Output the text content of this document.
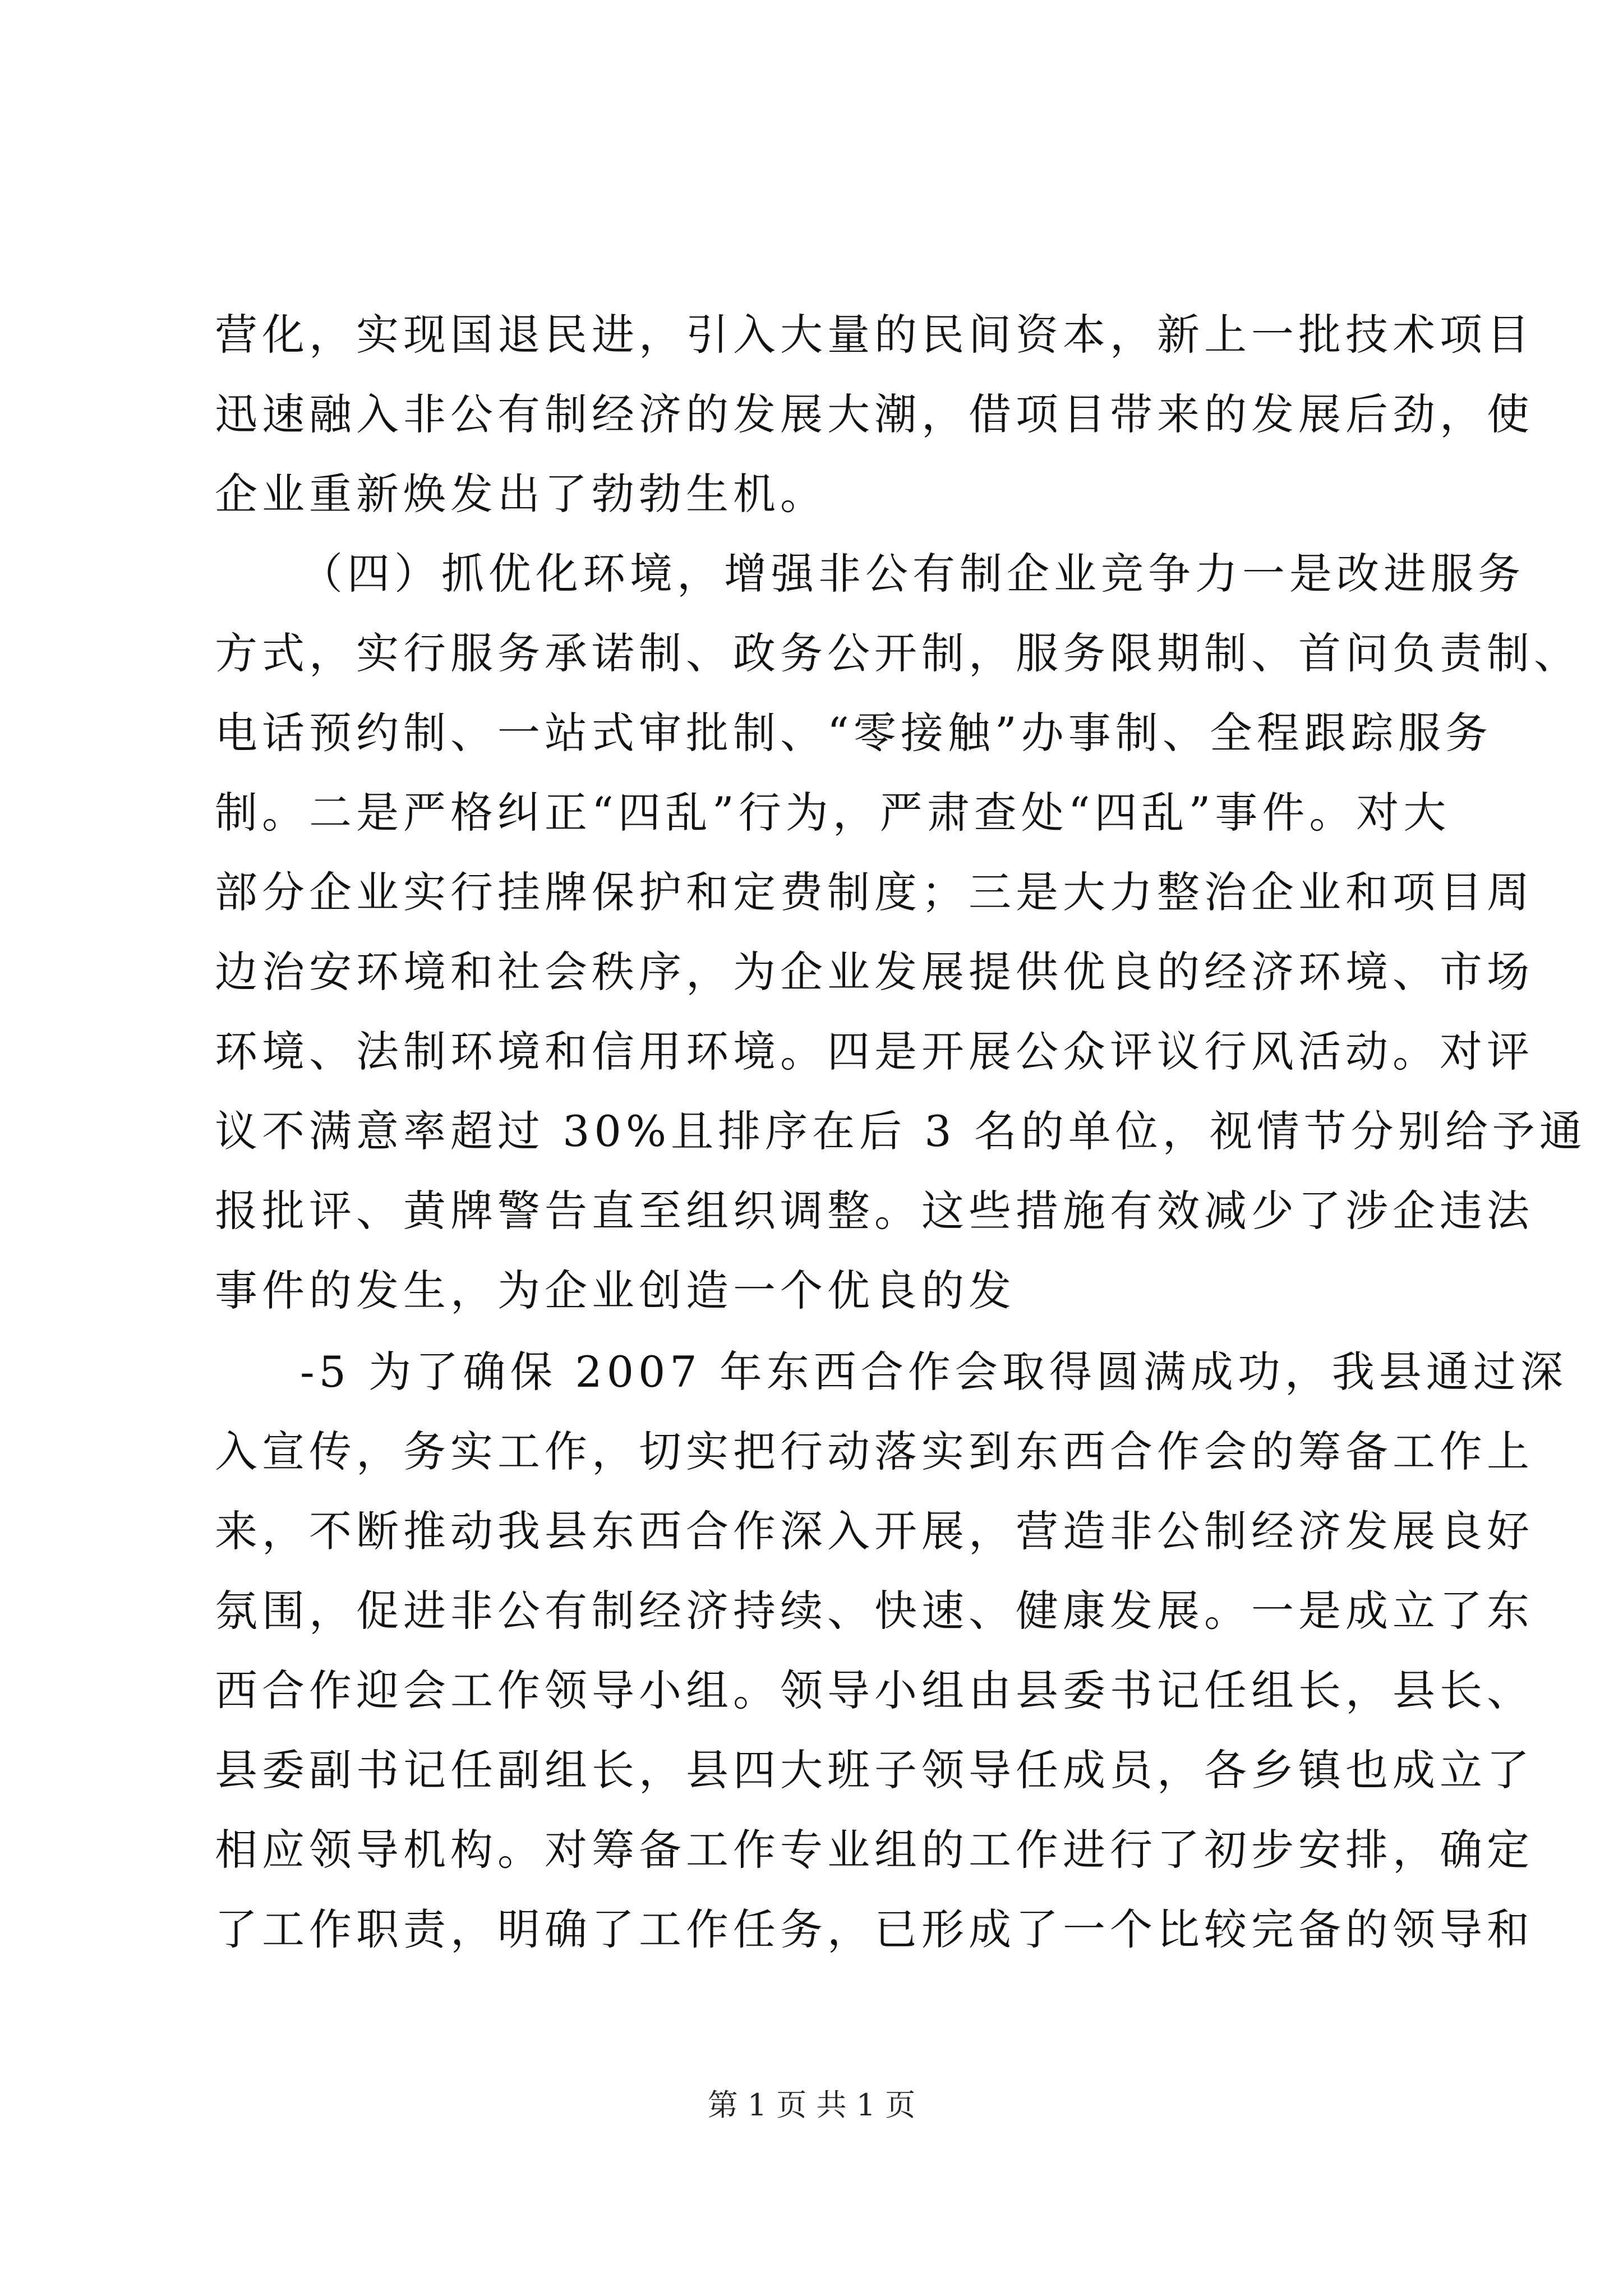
营化，实现国退民进，引入大量的民间资本，新上一批技术项目
迅速融入非公有制经济的发展大潮，借项目带来的发展后劲，使
企业重新焕发出了勃勃生机。
（四）抓优化环境，增强非公有制企业竞争力一是改进服务
方式，实行服务承诺制、政务公开制，服务限期制、首问负责制、
电话预约制、一站式审批制、“零接触”办事制、全程跟踪服务
制。二是严格纠正“四乱”行为，严肃查处“四乱”事件。对大
部分企业实行挂牌保护和定费制度；三是大力整治企业和项目周
边治安环境和社会秩序，为企业发展提供优良的经济环境、市场
环境、法制环境和信用环境。四是开展公众评议行风活动。对评
议不满意率超过 30%且排序在后 3 名的单位，视情节分别给予通
报批评、黄牌警告直至组织调整。这些措施有效减少了涉企违法
事件的发生，为企业创造一个优良的发
-5 为了确保 2007 年东西合作会取得圆满成功，我县通过深
入宣传，务实工作，切实把行动落实到东西合作会的筹备工作上
来，不断推动我县东西合作深入开展，营造非公制经济发展良好
氛围，促进非公有制经济持续、快速、健康发展。一是成立了东
西合作迎会工作领导小组。领导小组由县委书记任组长，县长、
县委副书记任副组长，县四大班子领导任成员，各乡镇也成立了
相应领导机构。对筹备工作专业组的工作进行了初步安排，确定
了工作职责，明确了工作任务，已形成了一个比较完备的领导和
第 1 页 共 1 页
